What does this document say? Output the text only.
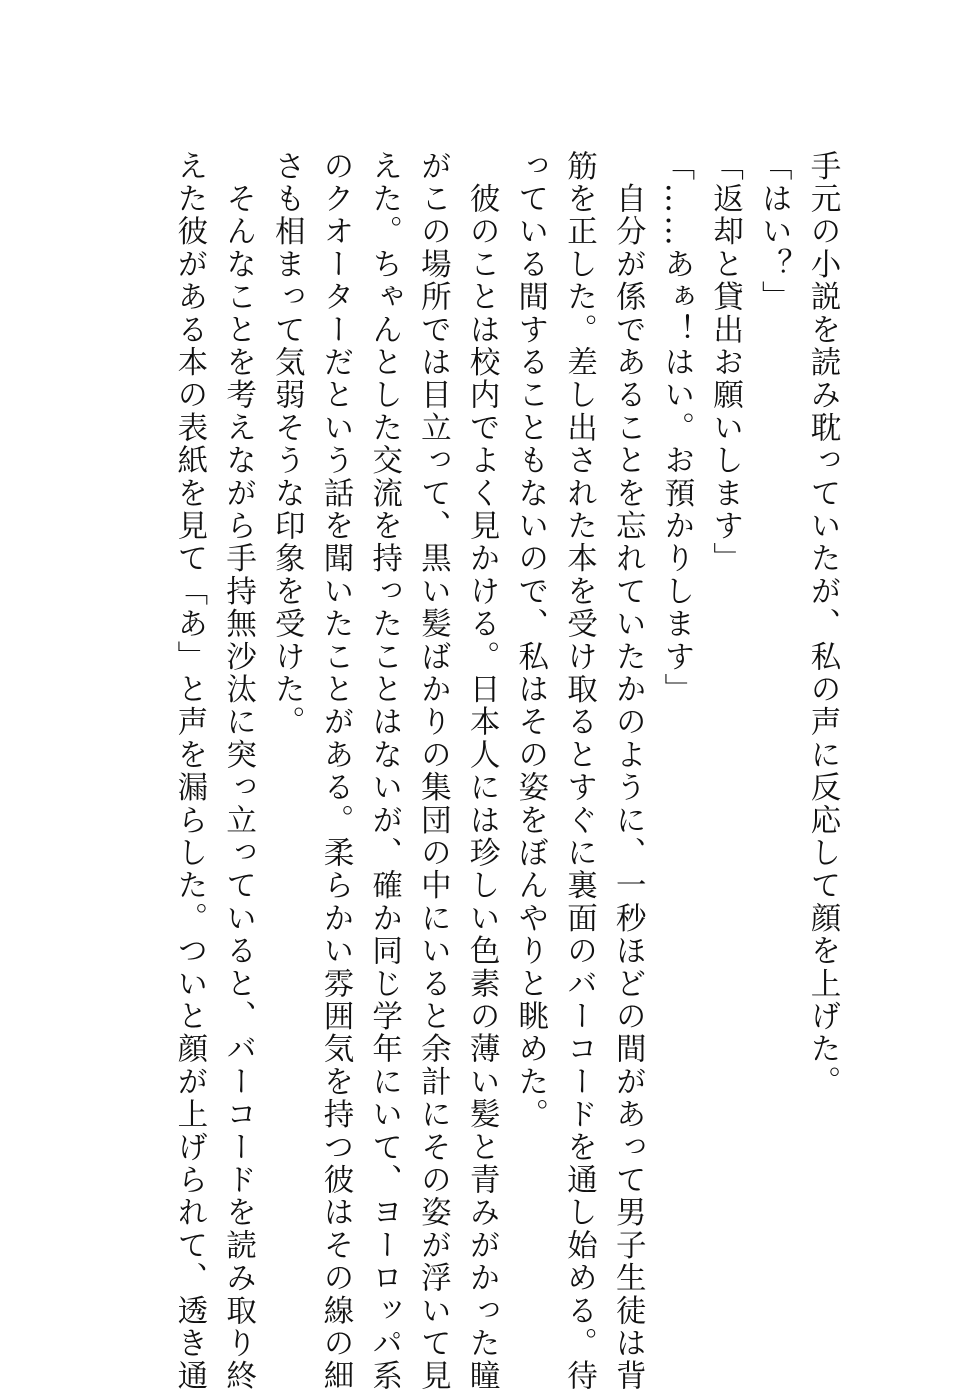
手元の小説を読み耽っていたが、私の声に反応して顔を上げた。
「はい？」
「返却と貸出お願いします」
「……あぁ！はい。お預かりします」
　自分が係であることを忘れていたかのように、一秒ほどの間があって男子生徒は背
筋を正した。差し出された本を受け取るとすぐに裏面のバーコードを通し始める。待
っている間することもないので、私はその姿をぼんやりと眺めた。
　彼のことは校内でよく見かける。日本人には珍しい色素の薄い髪と青みがかった瞳
がこの場所では目立って、黒い髪ばかりの集団の中にいると余計にその姿が浮いて見
えた。ちゃんとした交流を持ったことはないが、確か同じ学年にいて、ヨーロッパ系
のクオーターだという話を聞いたことがある。柔らかい雰囲気を持つ彼はその線の細
さも相まって気弱そうな印象を受けた。
　そんなことを考えながら手持無沙汰に突っ立っていると、バーコードを読み取り終
えた彼がある本の表紙を見て「あ」と声を漏らした。ついと顔が上げられて、透き通
